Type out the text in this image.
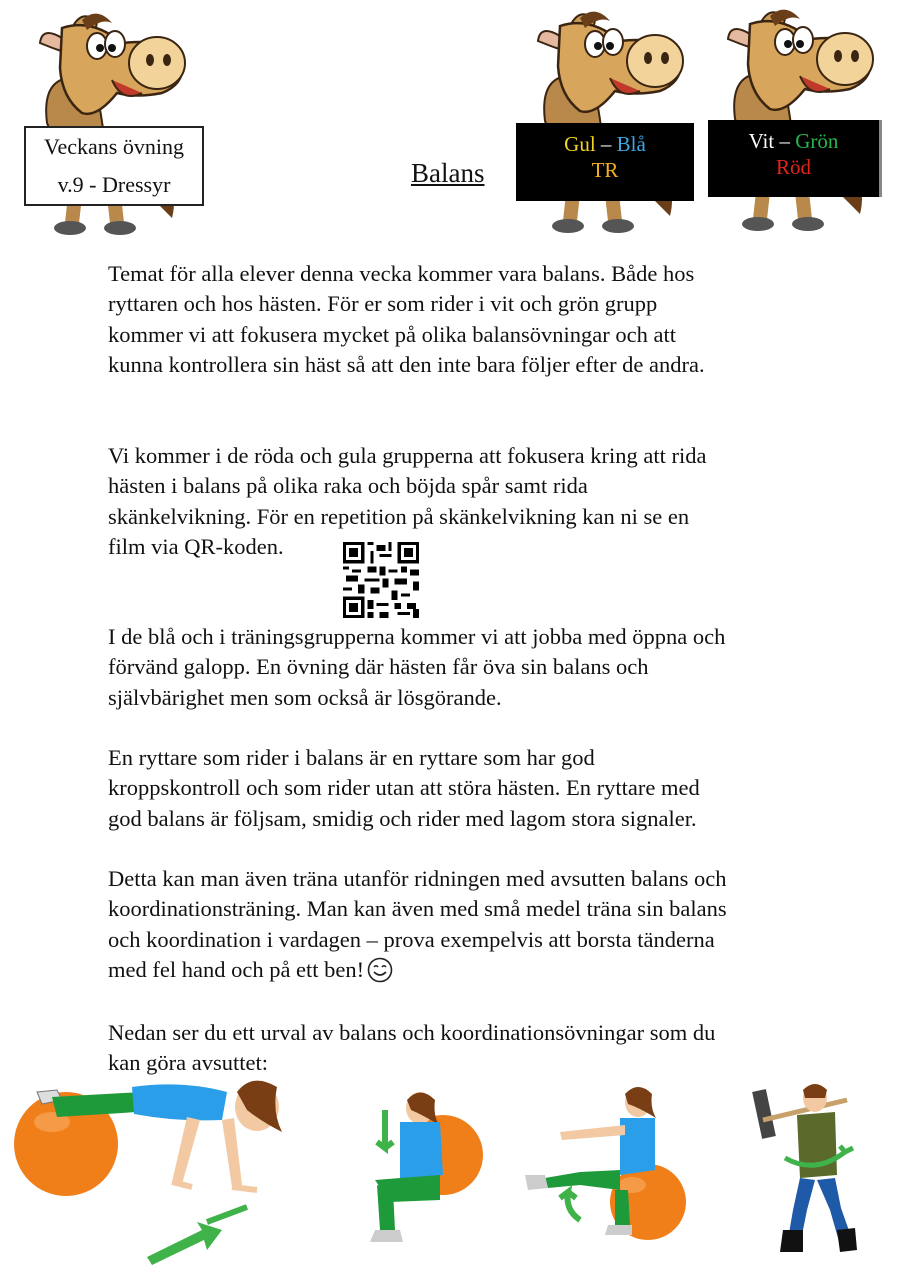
Veckans övning
v.9 - Dressyr	Balans
Gul – Blå
TR
Vit – Grön
Röd

Temat för alla elever denna vecka kommer vara balans. Både hos ryttaren och hos hästen. För er som rider i vit och grön grupp kommer vi att fokusera mycket på olika balansövningar och att kunna kontrollera sin häst så att den inte bara följer efter de andra.

Vi kommer i de röda och gula grupperna att fokusera kring att rida hästen i balans på olika raka och böjda spår samt rida skänkelvikning. För en repetition på skänkelvikning kan ni se en film via QR-koden.

I de blå och i träningsgrupperna kommer vi att jobba med öppna och förvänd galopp. En övning där hästen får öva sin balans och självbärighet men som också är lösgörande.

En ryttare som rider i balans är en ryttare som har god kroppskontroll och som rider utan att störa hästen. En ryttare med god balans är följsam, smidig och rider med lagom stora signaler.

Detta kan man även träna utanför ridningen med avsutten balans och koordinationsträning. Man kan även med små medel träna sin balans och koordination i vardagen – prova exempelvis att borsta tänderna med fel hand och på ett ben!

Nedan ser du ett urval av balans och koordinationsövningar som du kan göra avsuttet:
